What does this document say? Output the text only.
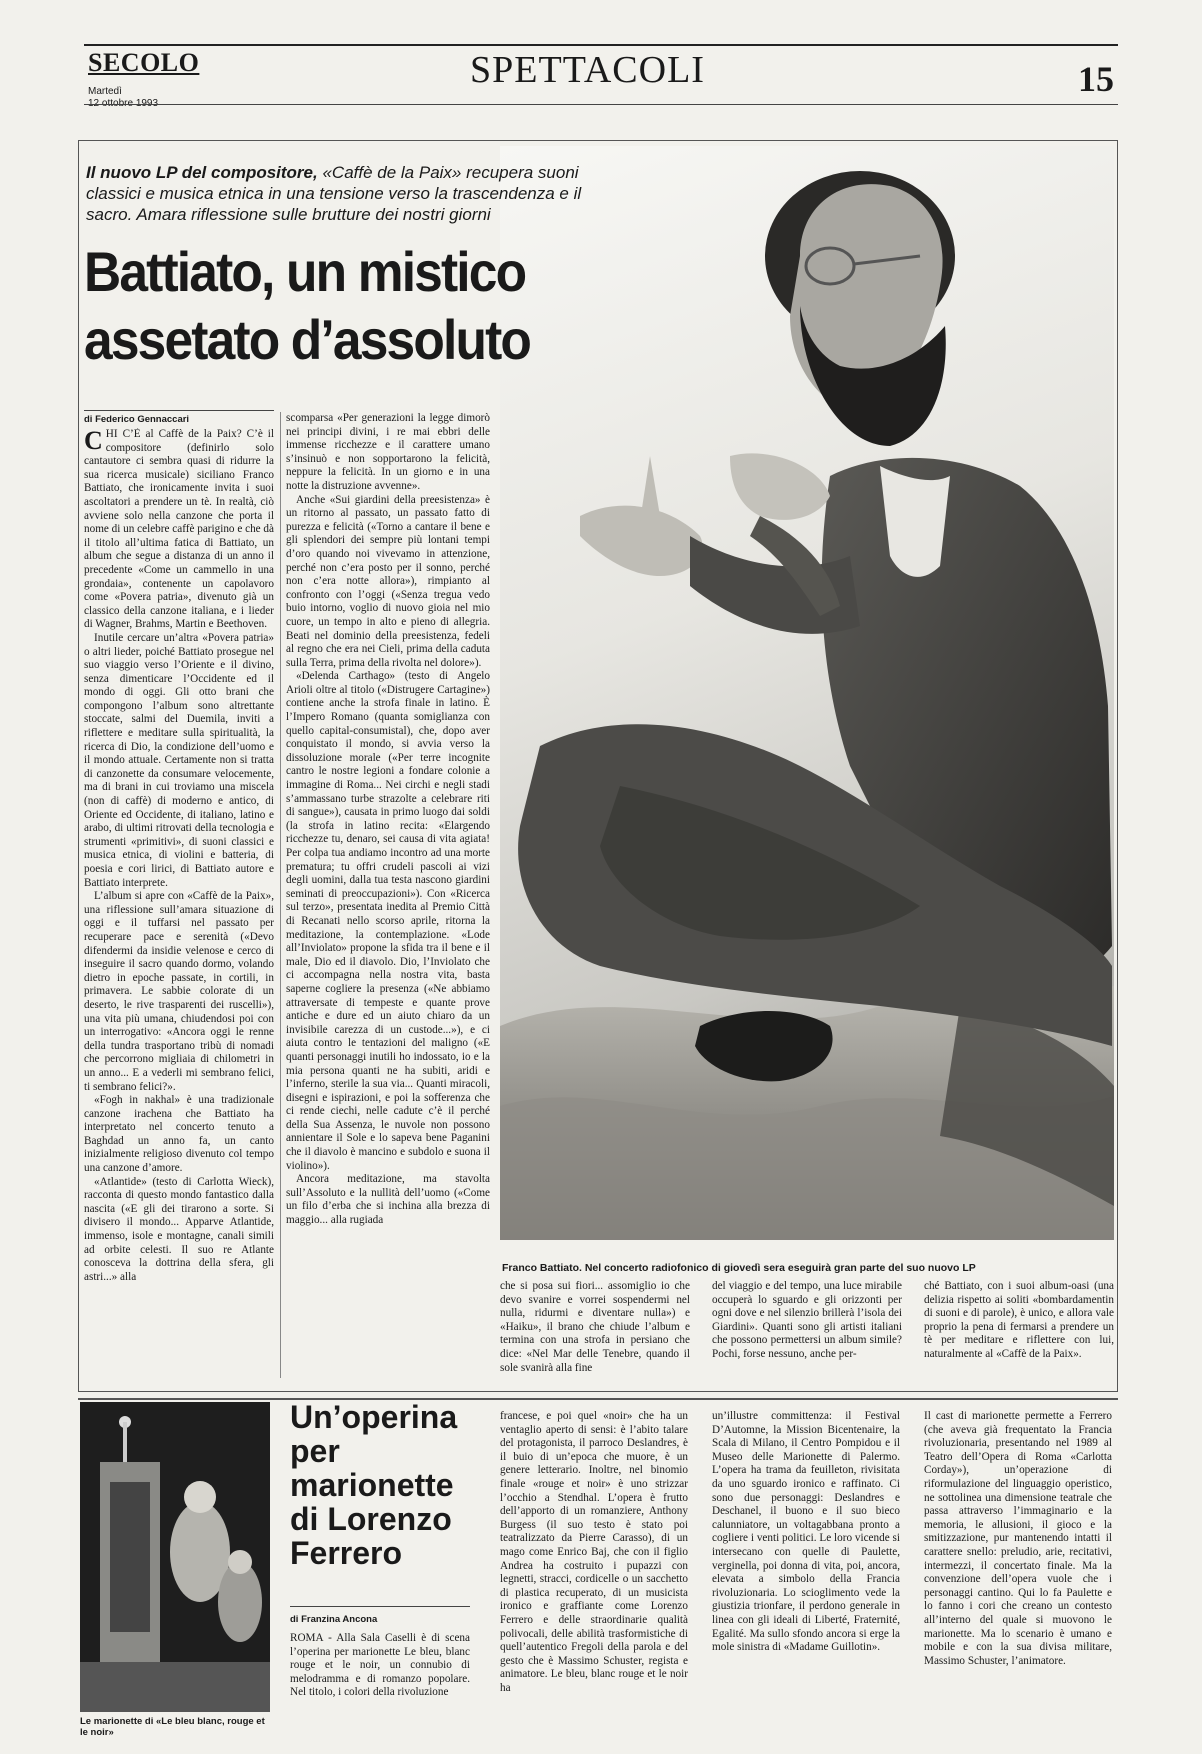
SECOLO
Martedì
12 ottobre 1993
SPETTACOLI	15
Il nuovo LP del compositore, «Caffè de la Paix» recupera suoni classici e musica etnica in una tensione verso la trascendenza e il sacro. Amara riflessione sulle brutture dei nostri giorni
Battiato, un mistico
assetato d’assoluto
di Federico Gennaccari

CHI C’È al Caffè de la Paix? C’è il compositore (definirlo solo cantautore ci sembra quasi di ridurre la sua ricerca musicale) siciliano Franco Battiato, che ironicamente invita i suoi ascoltatori a prendere un tè. In realtà, ciò avviene solo nella canzone che porta il nome di un celebre caffè parigino e che dà il titolo all’ultima fatica di Battiato, un album che segue a distanza di un anno il precedente «Come un cammello in una grondaia», contenente un capolavoro come «Povera patria», divenuto già un classico della canzone italiana, e i lieder di Wagner, Brahms, Martin e Beethoven.

Inutile cercare un’altra «Povera patria» o altri lieder, poiché Battiato prosegue nel suo viaggio verso l’Oriente e il divino, senza dimenticare l’Occidente ed il mondo di oggi. Gli otto brani che compongono l’album sono altrettante stoccate, salmi del Duemila, inviti a riflettere e meditare sulla spiritualità, la ricerca di Dio, la condizione dell’uomo e il mondo attuale. Certamente non si tratta di canzonette da consumare velocemente, ma di brani in cui troviamo una miscela (non di caffè) di moderno e antico, di Oriente ed Occidente, di italiano, latino e arabo, di ultimi ritrovati della tecnologia e strumenti «primitivi», di suoni classici e musica etnica, di violini e batteria, di poesia e cori lirici, di Battiato autore e Battiato interprete.

L’album si apre con «Caffè de la Paix», una riflessione sull’amara situazione di oggi e il tuffarsi nel passato per recuperare pace e serenità («Devo difendermi da insidie velenose e cerco di inseguire il sacro quando dormo, volando dietro in epoche passate, in cortili, in primavera. Le sabbie colorate di un deserto, le rive trasparenti dei ruscelli»), una vita più umana, chiudendosi poi con un interrogativo: «Ancora oggi le renne della tundra trasportano tribù di nomadi che percorrono migliaia di chilometri in un anno... E a vederli mi sembrano felici, ti sembrano felici?».

«Fogh in nakhal» è una tradizionale canzone irachena che Battiato ha interpretato nel concerto tenuto a Baghdad un anno fa, un canto inizialmente religioso divenuto col tempo una canzone d’amore.

«Atlantide» (testo di Carlotta Wieck), racconta di questo mondo fantastico dalla nascita («E gli dei tirarono a sorte. Si divisero il mondo... Apparve Atlantide, immenso, isole e montagne, canali simili ad orbite celesti. Il suo re Atlante conosceva la dottrina della sfera, gli astri...» alla

scomparsa «Per generazioni la legge dimorò nei principi divini, i re mai ebbri delle immense ricchezze e il carattere umano s’insinuò e non sopportarono la felicità, neppure la felicità. In un giorno e in una notte la distruzione avvenne».

Anche «Sui giardini della preesistenza» è un ritorno al passato, un passato fatto di purezza e felicità («Torno a cantare il bene e gli splendori dei sempre più lontani tempi d’oro quando noi vivevamo in attenzione, perché non c’era posto per il sonno, perché non c’era notte allora»), rimpianto al confronto con l’oggi («Senza tregua vedo buio intorno, voglio di nuovo gioia nel mio cuore, un tempo in alto e pieno di allegria. Beati nel dominio della preesistenza, fedeli al regno che era nei Cieli, prima della caduta sulla Terra, prima della rivolta nel dolore»).

«Delenda Carthago» (testo di Angelo Arioli oltre al titolo («Distrugere Cartagine») contiene anche la strofa finale in latino. È l’Impero Romano (quanta somiglianza con quello capital-consumistal), che, dopo aver conquistato il mondo, si avvia verso la dissoluzione morale («Per terre incognite cantro le nostre legioni a fondare colonie a immagine di Roma... Nei circhi e negli stadi s’ammassano turbe strazolte a celebrare riti di sangue»), causata in primo luogo dai soldi (la strofa in latino recita: «Elargendo ricchezze tu, denaro, sei causa di vita agiata! Per colpa tua andiamo incontro ad una morte prematura; tu offri crudeli pascoli ai vizi degli uomini, dalla tua testa nascono giardini seminati di preoccupazioni»). Con «Ricerca sul terzo», presentata inedita al Premio Città di Recanati nello scorso aprile, ritorna la meditazione, la contemplazione. «Lode all’Inviolato» propone la sfida tra il bene e il male, Dio ed il diavolo. Dio, l’Inviolato che ci accompagna nella nostra vita, basta saperne cogliere la presenza («Ne abbiamo attraversate di tempeste e quante prove antiche e dure ed un aiuto chiaro da un invisibile carezza di un custode...»), e ci aiuta contro le tentazioni del maligno («E quanti personaggi inutili ho indossato, io e la mia persona quanti ne ha subiti, aridi e l’inferno, sterile la sua via... Quanti miracoli, disegni e ispirazioni, e poi la sofferenza che ci rende ciechi, nelle cadute c’è il perché della Sua Assenza, le nuvole non possono annientare il Sole e lo sapeva bene Paganini che il diavolo è mancino e subdolo e suona il violino»).

Ancora meditazione, ma stavolta sull’Assoluto e la nullità dell’uomo («Come un filo d’erba che si inchina alla brezza di maggio... alla rugiada

Franco Battiato. Nel concerto radiofonico di giovedì sera eseguirà gran parte del suo nuovo LP
che si posa sui fiori... assomiglio io che devo svanire e vorrei sospendermi nel nulla, ridurmi e diventare nulla») e «Haiku», il brano che chiude l’album e termina con una strofa in persiano che dice: «Nel Mar delle Tenebre, quando il sole svanirà alla fine
del viaggio e del tempo, una luce mirabile occuperà lo sguardo e gli orizzonti per ogni dove e nel silenzio brillerà l’isola dei Giardini». Quanti sono gli artisti italiani che possono permettersi un album simile? Pochi, forse nessuno, anche per-
ché Battiato, con i suoi album-oasi (una delizia rispetto ai soliti «bombardamentin di suoni e di parole), è unico, e allora vale proprio la pena di fermarsi a prendere un tè per meditare e riflettere con lui, naturalmente al «Caffè de la Paix».
Le marionette di «Le bleu blanc, rouge et le noir»
Un’operina
per
marionette
di Lorenzo
Ferrero
di Franzina Ancona
ROMA - Alla Sala Caselli è di scena l’operina per marionette Le bleu, blanc rouge et le noir, un connubio di melodramma e di romanzo popolare. Nel titolo, i colori della rivoluzione
francese, e poi quel «noir» che ha un ventaglio aperto di sensi: è l’abito talare del protagonista, il parroco Deslandres, è il buio di un’epoca che muore, è un genere letterario. Inoltre, nel binomio finale «rouge et noir» è uno strizzar l’occhio a Stendhal. L’opera è frutto dell’apporto di un romanziere, Anthony Burgess (il suo testo è stato poi teatralizzato da Pierre Carasso), di un mago come Enrico Baj, che con il figlio Andrea ha costruito i pupazzi con legnetti, stracci, cordicelle o un sacchetto di plastica recuperato, di un musicista ironico e graffiante come Lorenzo Ferrero e delle straordinarie qualità polivocali, delle abilità trasformistiche di quell’autentico Fregoli della parola e del gesto che è Massimo Schuster, regista e animatore. Le bleu, blanc rouge et le noir ha
un’illustre committenza: il Festival D’Automne, la Mission Bicentenaire, la Scala di Milano, il Centro Pompidou e il Museo delle Marionette di Palermo. L’opera ha trama da feuilleton, rivisitata da uno sguardo ironico e raffinato. Ci sono due personaggi: Deslandres e Deschanel, il buono e il suo bieco calunniatore, un voltagabbana pronto a cogliere i venti politici. Le loro vicende si intersecano con quelle di Paulette, verginella, poi donna di vita, poi, ancora, elevata a simbolo della Francia rivoluzionaria. Lo scioglimento vede la giustizia trionfare, il perdono generale in linea con gli ideali di Liberté, Fraternité, Egalité. Ma sullo sfondo ancora si erge la mole sinistra di «Madame Guillotin».
Il cast di marionette permette a Ferrero (che aveva già frequentato la Francia rivoluzionaria, presentando nel 1989 al Teatro dell’Opera di Roma «Carlotta Corday»), un’operazione di riformulazione del linguaggio operistico, ne sottolinea una dimensione teatrale che passa attraverso l’immaginario e la memoria, le allusioni, il gioco e la smitizzazione, pur mantenendo intatti il carattere snello: preludio, arie, recitativi, intermezzi, il concertato finale. Ma la convenzione dell’opera vuole che i personaggi cantino. Qui lo fa Paulette e lo fanno i cori che creano un contesto all’interno del quale si muovono le marionette. Ma lo scenario è umano e mobile e con la sua divisa militare, Massimo Schuster, l’animatore.
